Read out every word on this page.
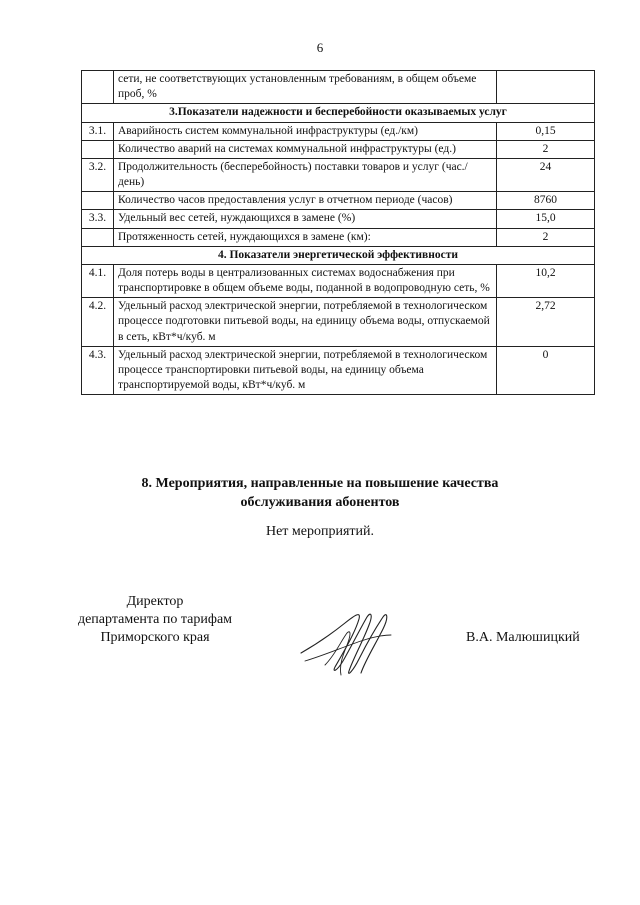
6
	сети, не соответствующих установленным требованиям, в общем объеме проб, %	
3.Показатели надежности и бесперебойности оказываемых услуг		
3.1.	Аварийность систем коммунальной инфраструктуры (ед./км)	0,15
	Количество аварий на системах коммунальной инфраструктуры (ед.)	2
3.2.	Продолжительность (бесперебойность) поставки товаров и услуг (час./день)	24
	Количество часов предоставления услуг в отчетном периоде (часов)	8760
3.3.	Удельный вес сетей, нуждающихся в замене (%)	15,0
	Протяженность сетей, нуждающихся в замене (км):	2
4. Показатели энергетической эффективности		
4.1.	Доля потерь воды в централизованных системах водоснабжения при транспортировке в общем объеме воды, поданной в водопроводную сеть, %	10,2
4.2.	Удельный расход электрической энергии, потребляемой в технологическом процессе подготовки питьевой воды, на единицу объема воды, отпускаемой в сеть, кВт*ч/куб. м	2,72
4.3.	Удельный расход электрической энергии, потребляемой в технологическом процессе транспортировки питьевой воды, на единицу объема транспортируемой воды, кВт*ч/куб. м	0
8. Мероприятия, направленные на повышение качества
обслуживания абонентов
Нет мероприятий.
Директор
департамента по тарифам
Приморского края	В.А. Малюшицкий
